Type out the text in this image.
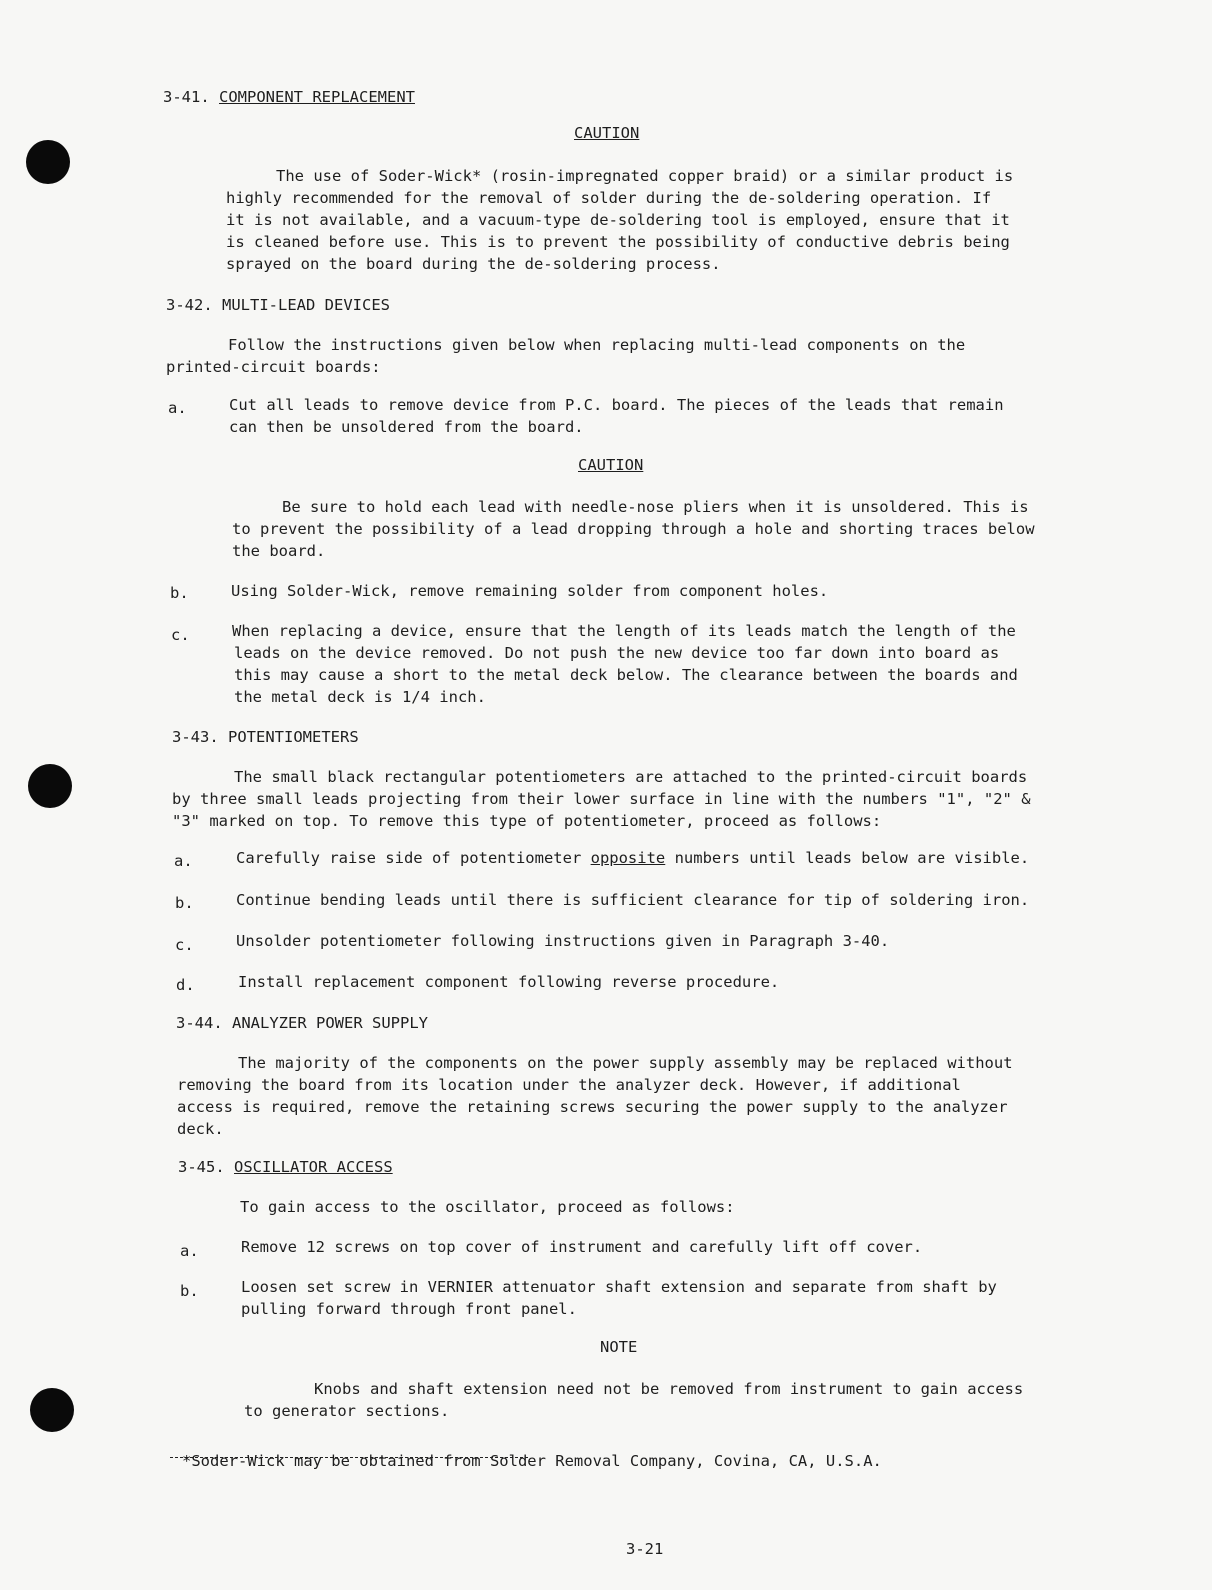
3-41. COMPONENT REPLACEMENT
CAUTION
The use of Soder-Wick* (rosin-impregnated copper braid) or a similar product is
highly recommended for the removal of solder during the de-soldering operation. If
it is not available, and a vacuum-type de-soldering tool is employed, ensure that it
is cleaned before use. This is to prevent the possibility of conductive debris being
sprayed on the board during the de-soldering process.
3-42. MULTI-LEAD DEVICES
Follow the instructions given below when replacing multi-lead components on the
printed-circuit boards:
a.	Cut all leads to remove device from P.C. board. The pieces of the leads that remain
can then be unsoldered from the board.
CAUTION
Be sure to hold each lead with needle-nose pliers when it is unsoldered. This is
to prevent the possibility of a lead dropping through a hole and shorting traces below
the board.
b.	Using Solder-Wick, remove remaining solder from component holes.
c.	When replacing a device, ensure that the length of its leads match the length of the
leads on the device removed. Do not push the new device too far down into board as
this may cause a short to the metal deck below. The clearance between the boards and
the metal deck is 1/4 inch.
3-43. POTENTIOMETERS
The small black rectangular potentiometers are attached to the printed-circuit boards
by three small leads projecting from their lower surface in line with the numbers "1", "2" &
"3" marked on top. To remove this type of potentiometer, proceed as follows:
a.	Carefully raise side of potentiometer opposite numbers until leads below are visible.
b.	Continue bending leads until there is sufficient clearance for tip of soldering iron.
c.	Unsolder potentiometer following instructions given in Paragraph 3-40.
d.	Install replacement component following reverse procedure.
3-44. ANALYZER POWER SUPPLY
The majority of the components on the power supply assembly may be replaced without
removing the board from its location under the analyzer deck. However, if additional
access is required, remove the retaining screws securing the power supply to the analyzer
deck.
3-45. OSCILLATOR ACCESS
To gain access to the oscillator, proceed as follows:
a.	Remove 12 screws on top cover of instrument and carefully lift off cover.
b.	Loosen set screw in VERNIER attenuator shaft extension and separate from shaft by
pulling forward through front panel.
NOTE
Knobs and shaft extension need not be removed from instrument to gain access
to generator sections.
*Soder-Wick may be obtained from Solder Removal Company, Covina, CA, U.S.A.
3-21
